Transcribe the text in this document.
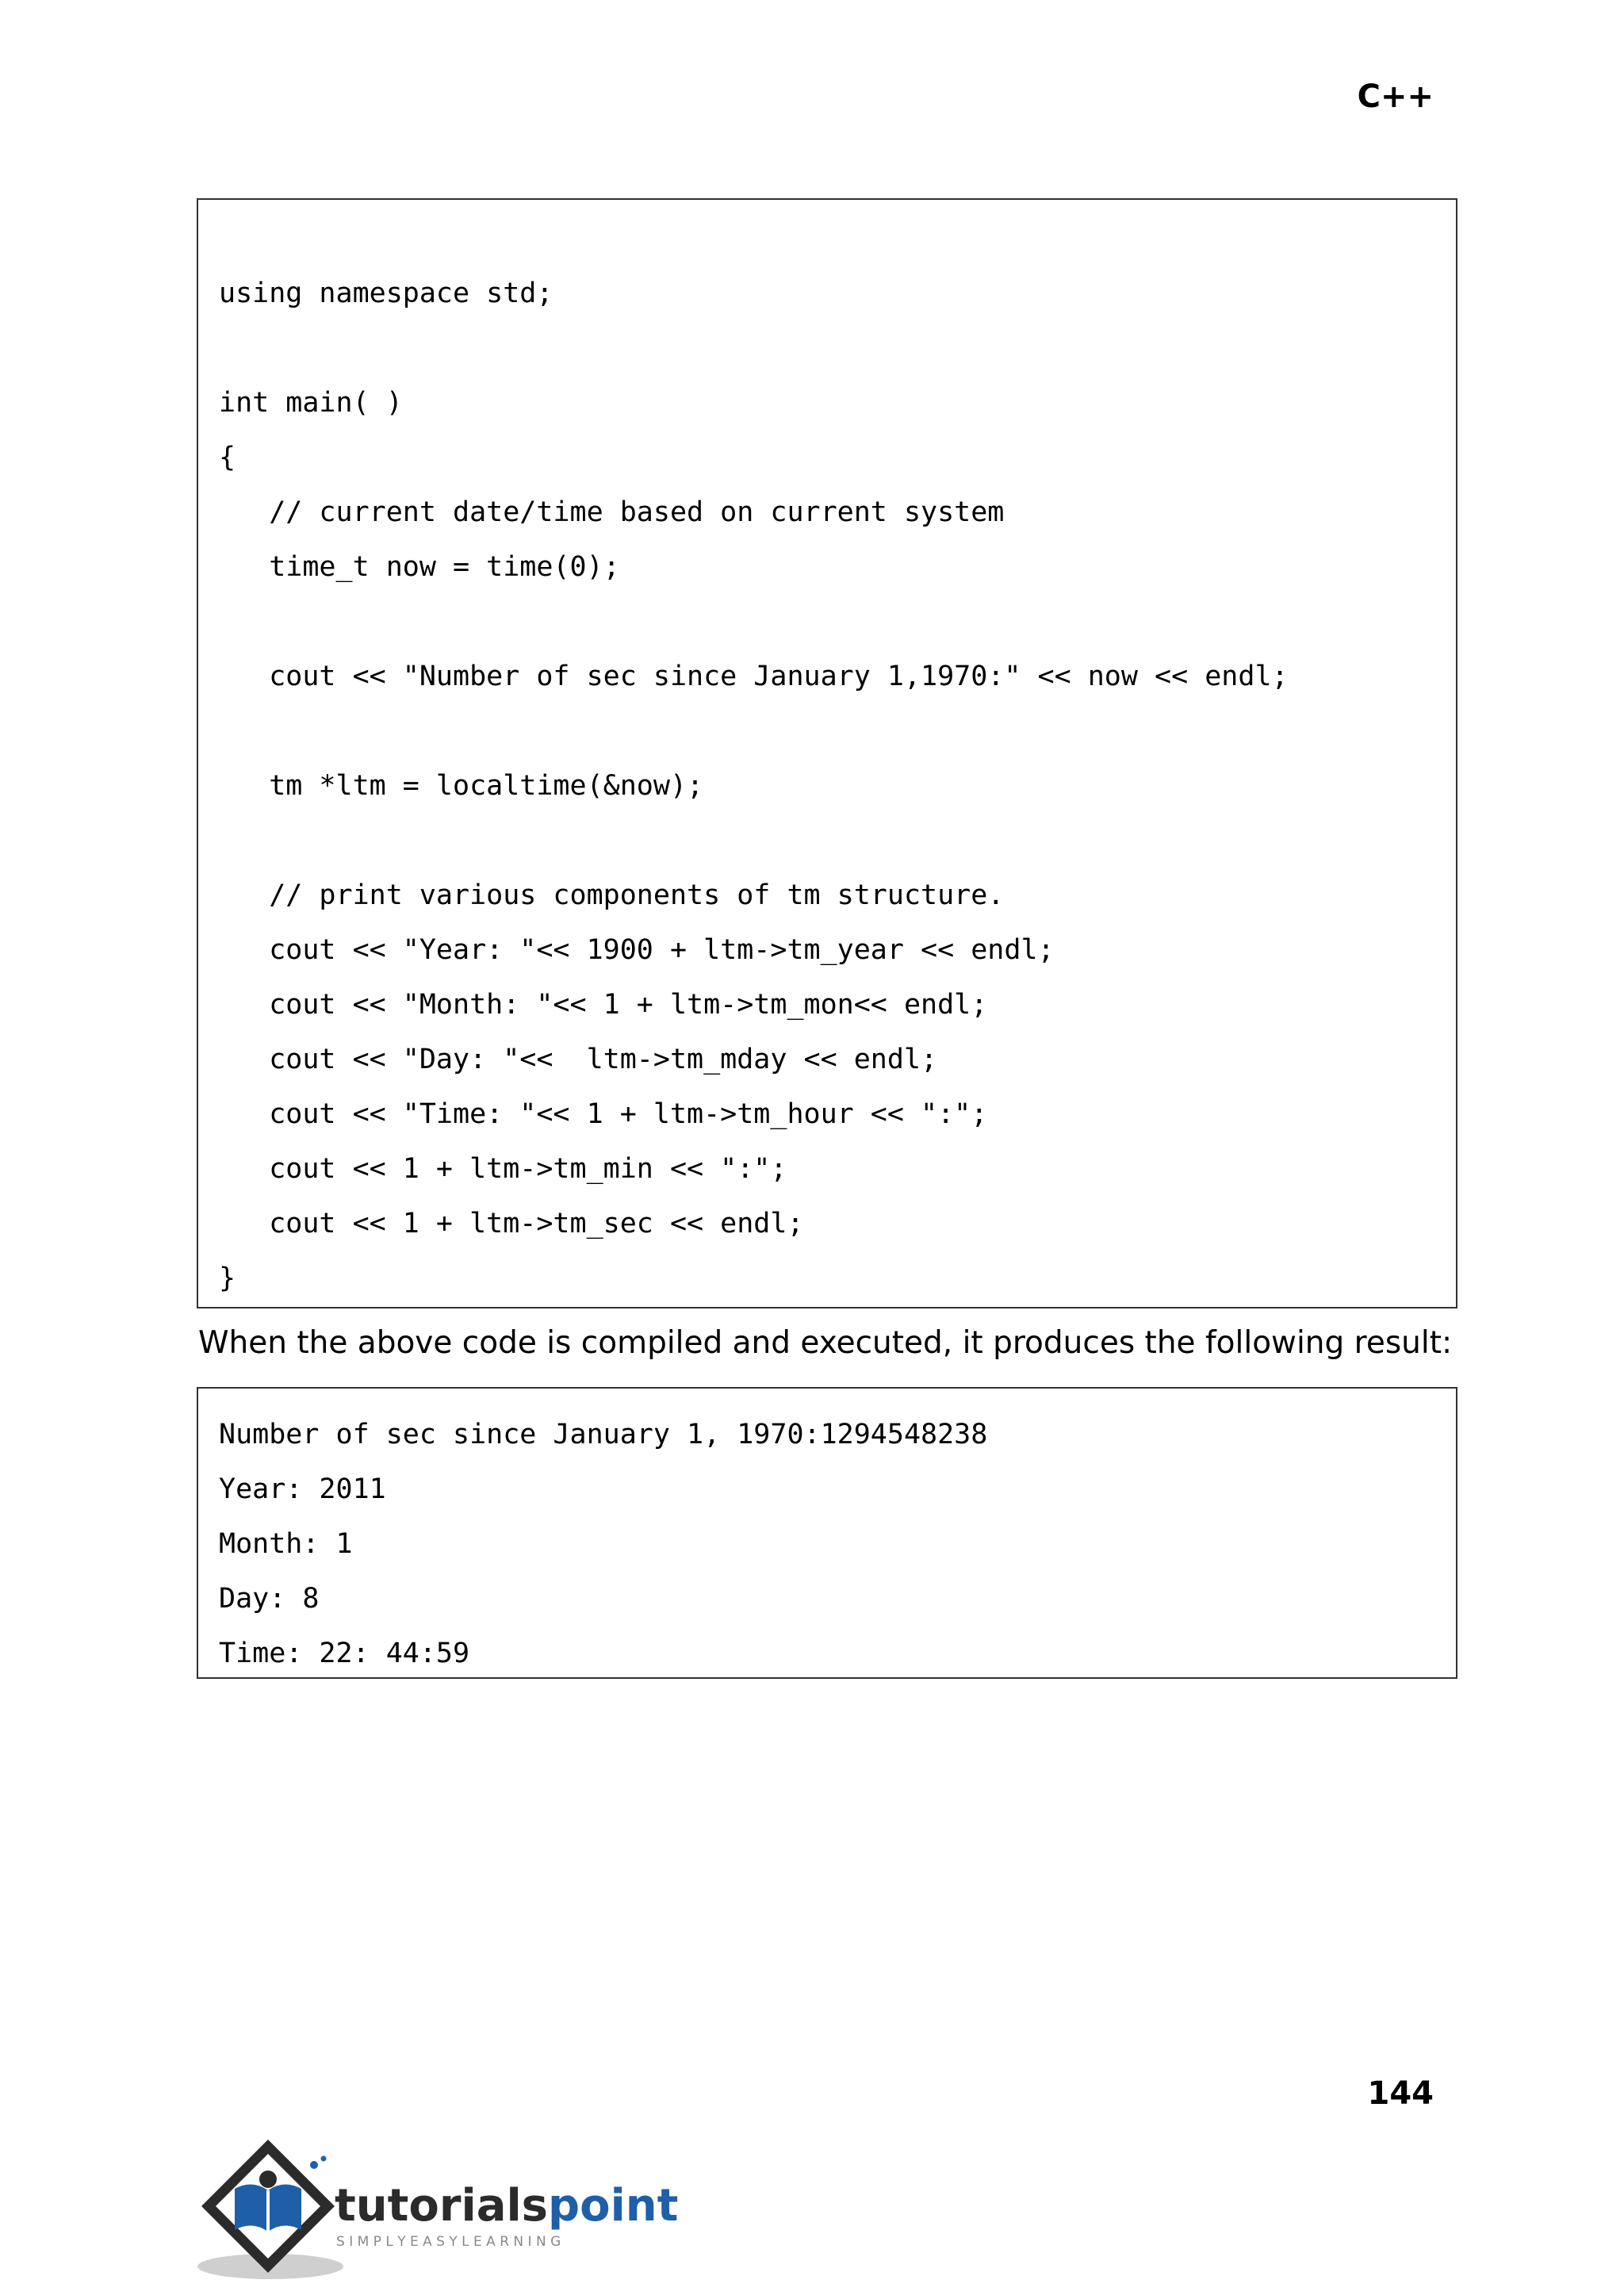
C++
using namespace std;
int main( )
{
// current date/time based on current system
time_t now = time(0);
cout << "Number of sec since January 1,1970:" << now << endl;
tm *ltm = localtime(&now);
// print various components of tm structure.
cout << "Year: "<< 1900 + ltm->tm_year << endl;
cout << "Month: "<< 1 + ltm->tm_mon<< endl;
cout << "Day: "<<  ltm->tm_mday << endl;
cout << "Time: "<< 1 + ltm->tm_hour << ":";
cout << 1 + ltm->tm_min << ":";
cout << 1 + ltm->tm_sec << endl;
}
When the above code is compiled and executed, it produces the following result:
Number of sec since January 1, 1970:1294548238
Year: 2011
Month: 1
Day: 8
Time: 22: 44:59
144
tutorialspoint
S I M P L Y E A S Y L E A R N I N G
